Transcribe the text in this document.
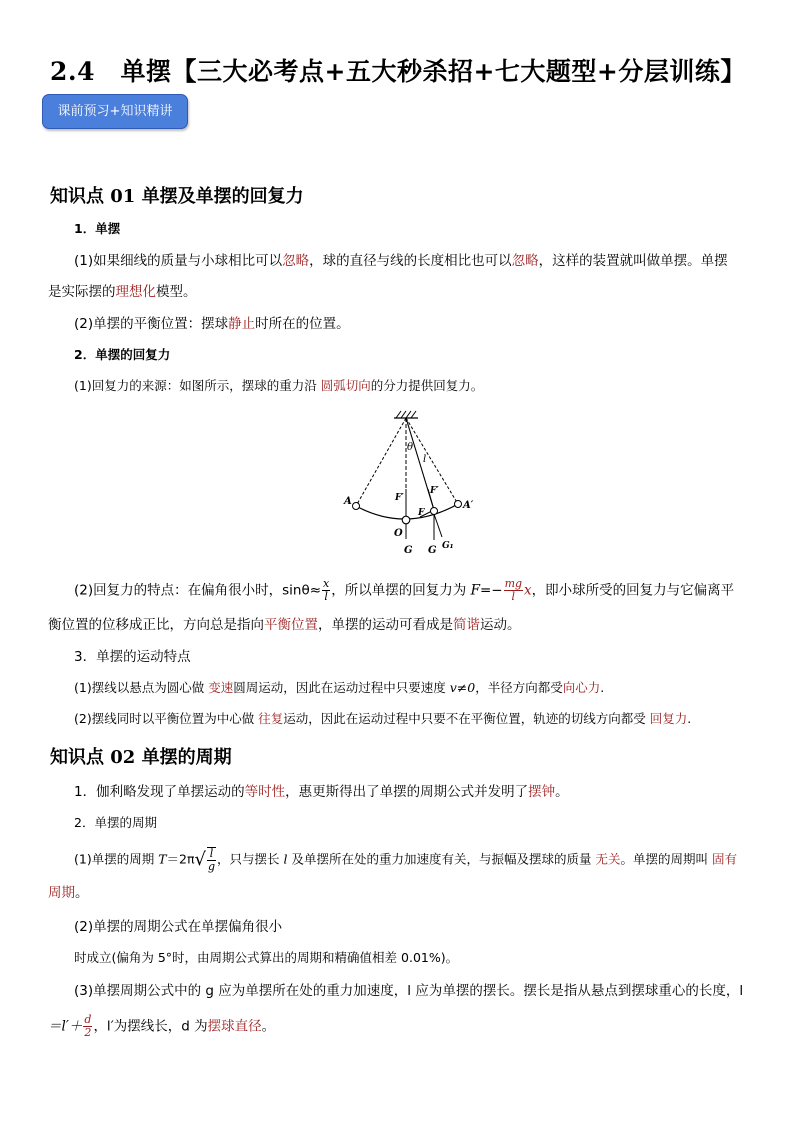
2.4　单摆【三大必考点+五大秒杀招+七大题型+分层训练】
课前预习+知识精讲
知识点 01 单摆及单摆的回复力
1．单摆
(1)如果细线的质量与小球相比可以忽略，球的直径与线的长度相比也可以忽略，这样的装置就叫做单摆。单摆
是实际摆的理想化模型。
(2)单摆的平衡位置：摆球静止时所在的位置。
2．单摆的回复力
(1)回复力的来源：如图所示，摆球的重力沿 圆弧切向的分力提供回复力。
θ
l
A	A′
F′
F′
F
O
G G G₁
(2)回复力的特点：在偏角很小时，$\sin\theta\approx \frac{x}{l}$ ，所以单摆的回复力为 $F=- \frac{mg}{l}$ x，即小球所受的回复力与它偏离平
衡位置的位移成正比，方向总是指向平衡位置，单摆的运动可看成是简谐运动。
3．单摆的运动特点
(1)摆线以悬点为圆心做 变速圆周运动，因此在运动过程中只要速度 v≠0，半径方向都受向心力.
(2)摆线同时以平衡位置为中心做 往复运动，因此在运动过程中只要不在平衡位置，轨迹的切线方向都受 回复力.
知识点 02 单摆的周期
1．伽利略发现了单摆运动的等时性，惠更斯得出了单摆的周期公式并发明了摆钟。
2．单摆的周期
(1)单摆的周期 $T=2\pi√ \frac{l}{g}$ ，只与摆长 l 及单摆所在处的重力加速度有关，与振幅及摆球的质量 无关。单摆的周期叫 固有
周期。
(2)单摆的周期公式在单摆偏角很小
时成立(偏角为 5°时，由周期公式算出的周期和精确值相差 0.01%)。
(3)单摆周期公式中的 g 应为单摆所在处的重力加速度，l 应为单摆的摆长。摆长是指从悬点到摆球重心的长度，l
$=l'+ \frac{d}{2}$ ，l′为摆线长，d 为摆球直径。
